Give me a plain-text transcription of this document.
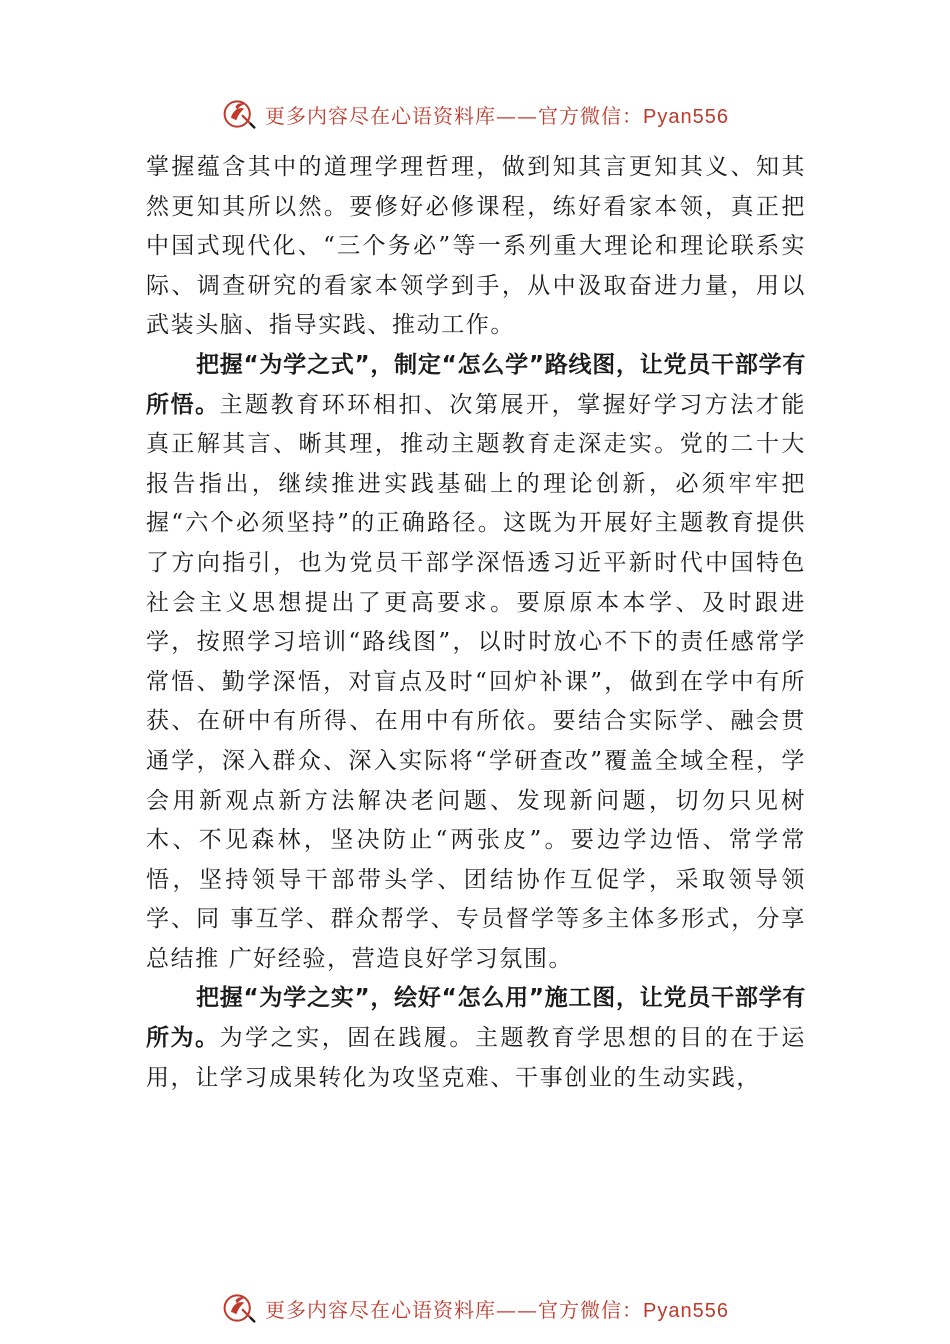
更多内容尽在心语资料库——官方微信：Pyan556

掌握蕴含其中的道理学理哲理，做到知其言更知其义、知其然更知其所以然。要修好必修课程，练好看家本领，真正把中国式现代化、“三个务必”等一系列重大理论和理论联系实际、调查研究的看家本领学到手，从中汲取奋进力量，用以武装头脑、指导实践、推动工作。

把握“为学之式”，制定“怎么学”路线图，让党员干部学有所悟。主题教育环环相扣、次第展开，掌握好学习方法才能真正解其言、晰其理，推动主题教育走深走实。党的二十大报告指出，继续推进实践基础上的理论创新，必须牢牢把握“六个必须坚持”的正确路径。这既为开展好主题教育提供了方向指引，也为党员干部学深悟透习近平新时代中国特色社会主义思想提出了更高要求。要原原本本学、及时跟进学，按照学习培训“路线图”，以时时放心不下的责任感常学常悟、勤学深悟，对盲点及时“回炉补课”，做到在学中有所获、在研中有所得、在用中有所依。要结合实际学、融会贯通学，深入群众、深入实际将“学研查改”覆盖全域全程，学会用新观点新方法解决老问题、发现新问题，切勿只见树木、不见森林，坚决防止“两张皮”。要边学边悟、常学常悟，坚持领导干部带头学、团结协作互促学，采取领导领学、同 事互学、群众帮学、专员督学等多主体多形式，分享总结推 广好经验，营造良好学习氛围。

把握“为学之实”，绘好“怎么用”施工图，让党员干部学有所为。为学之实，固在践履。主题教育学思想的目的在于运用，让学习成果转化为攻坚克难、干事创业的生动实践，

更多内容尽在心语资料库——官方微信：Pyan556
